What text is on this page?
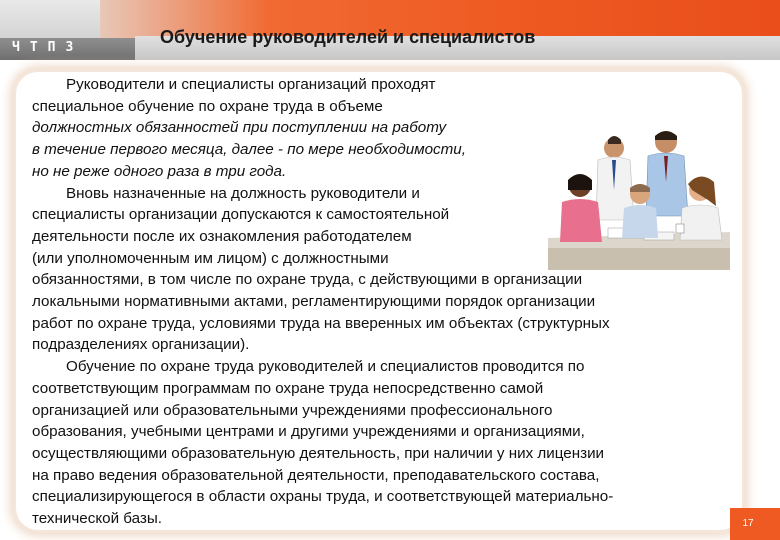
ЧТПЗ
Обучение руководителей и специалистов
Руководители и специалисты организаций проходят
специальное обучение по охране труда в объеме
должностных обязанностей при поступлении на работу
в течение первого месяца, далее - по мере необходимости,
но не реже одного раза в три года.
Вновь назначенные на должность руководители и
специалисты организации допускаются к самостоятельной
деятельности после их ознакомления работодателем
(или уполномоченным им лицом) с должностными
обязанностями, в том числе по охране труда, с действующими в организации
локальными нормативными актами, регламентирующими порядок организации
работ по охране труда, условиями труда на вверенных им объектах (структурных
подразделениях организации).
Обучение по охране труда руководителей и специалистов проводится по
соответствующим программам по охране труда непосредственно самой
организацией или образовательными учреждениями профессионального
образования, учебными центрами и другими учреждениями и организациями,
осуществляющими образовательную деятельность, при наличии у них лицензии
на право ведения образовательной деятельности, преподавательского состава,
специализирующегося в области охраны труда, и соответствующей материально-
технической базы.	17
